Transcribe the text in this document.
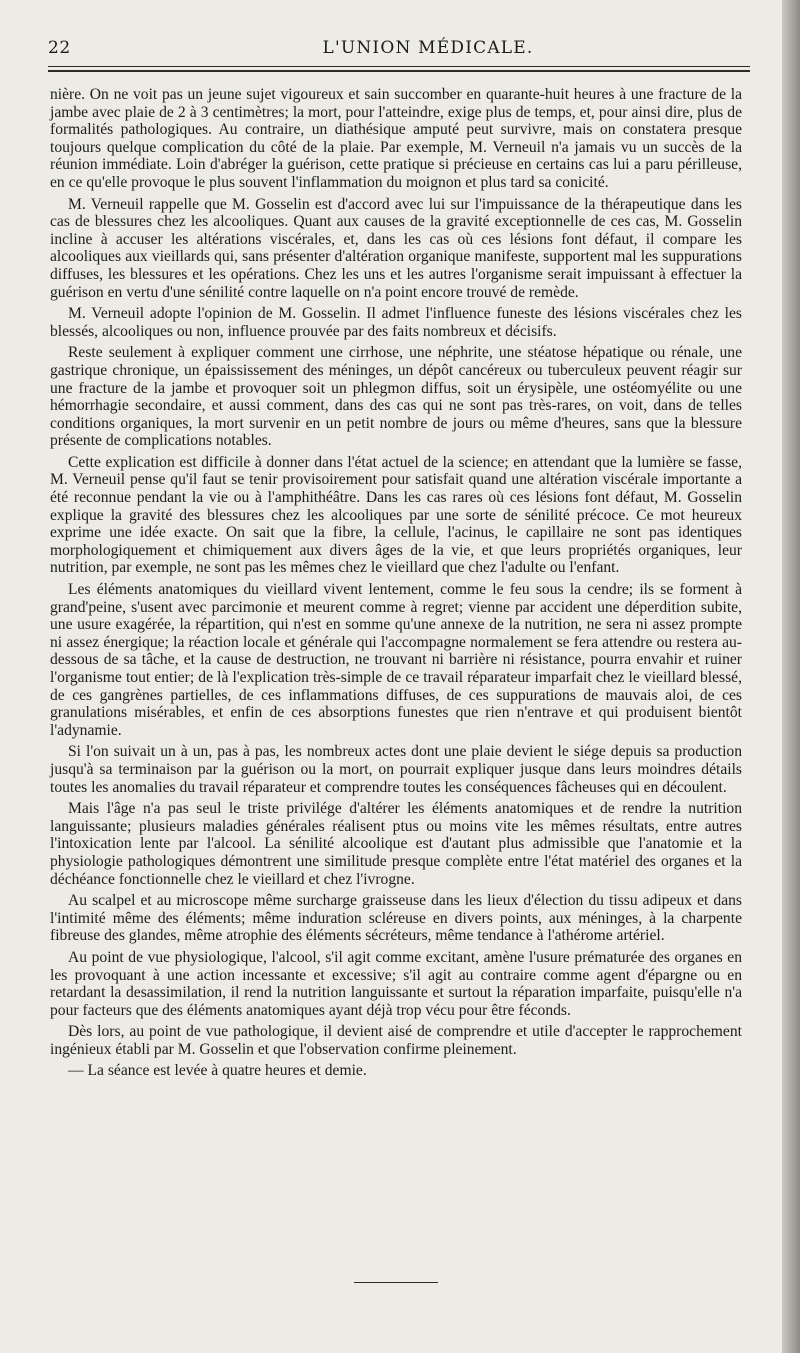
22	L'UNION MÉDICALE.

nière. On ne voit pas un jeune sujet vigoureux et sain succomber en quarante-huit heures à une fracture de la jambe avec plaie de 2 à 3 centimètres; la mort, pour l'atteindre, exige plus de temps, et, pour ainsi dire, plus de formalités pathologiques. Au contraire, un diathésique amputé peut survivre, mais on constatera presque toujours quelque complication du côté de la plaie. Par exemple, M. Verneuil n'a jamais vu un succès de la réunion immédiate. Loin d'abréger la guérison, cette pratique si précieuse en certains cas lui a paru périlleuse, en ce qu'elle provoque le plus souvent l'inflammation du moignon et plus tard sa conicité.

M. Verneuil rappelle que M. Gosselin est d'accord avec lui sur l'impuissance de la thérapeutique dans les cas de blessures chez les alcooliques. Quant aux causes de la gravité exceptionnelle de ces cas, M. Gosselin incline à accuser les altérations viscérales, et, dans les cas où ces lésions font défaut, il compare les alcooliques aux vieillards qui, sans présenter d'altération organique manifeste, supportent mal les suppurations diffuses, les blessures et les opérations. Chez les uns et les autres l'organisme serait impuissant à effectuer la guérison en vertu d'une sénilité contre laquelle on n'a point encore trouvé de remède.

M. Verneuil adopte l'opinion de M. Gosselin. Il admet l'influence funeste des lésions viscérales chez les blessés, alcooliques ou non, influence prouvée par des faits nombreux et décisifs.

Reste seulement à expliquer comment une cirrhose, une néphrite, une stéatose hépatique ou rénale, une gastrique chronique, un épaississement des méninges, un dépôt cancéreux ou tuberculeux peuvent réagir sur une fracture de la jambe et provoquer soit un phlegmon diffus, soit un érysipèle, une ostéomyélite ou une hémorrhagie secondaire, et aussi comment, dans des cas qui ne sont pas très-rares, on voit, dans de telles conditions organiques, la mort survenir en un petit nombre de jours ou même d'heures, sans que la blessure présente de complications notables.

Cette explication est difficile à donner dans l'état actuel de la science; en attendant que la lumière se fasse, M. Verneuil pense qu'il faut se tenir provisoirement pour satisfait quand une altération viscérale importante a été reconnue pendant la vie ou à l'amphithéâtre. Dans les cas rares où ces lésions font défaut, M. Gosselin explique la gravité des blessures chez les alcooliques par une sorte de sénilité précoce. Ce mot heureux exprime une idée exacte. On sait que la fibre, la cellule, l'acinus, le capillaire ne sont pas identiques morphologiquement et chimiquement aux divers âges de la vie, et que leurs propriétés organiques, leur nutrition, par exemple, ne sont pas les mêmes chez le vieillard que chez l'adulte ou l'enfant.

Les éléments anatomiques du vieillard vivent lentement, comme le feu sous la cendre; ils se forment à grand'peine, s'usent avec parcimonie et meurent comme à regret; vienne par accident une déperdition subite, une usure exagérée, la répartition, qui n'est en somme qu'une annexe de la nutrition, ne sera ni assez prompte ni assez énergique; la réaction locale et générale qui l'accompagne normalement se fera attendre ou restera au-dessous de sa tâche, et la cause de destruction, ne trouvant ni barrière ni résistance, pourra envahir et ruiner l'organisme tout entier; de là l'explication très-simple de ce travail réparateur imparfait chez le vieillard blessé, de ces gangrènes partielles, de ces inflammations diffuses, de ces suppurations de mauvais aloi, de ces granulations misérables, et enfin de ces absorptions funestes que rien n'entrave et qui produisent bientôt l'adynamie.

Si l'on suivait un à un, pas à pas, les nombreux actes dont une plaie devient le siége depuis sa production jusqu'à sa terminaison par la guérison ou la mort, on pourrait expliquer jusque dans leurs moindres détails toutes les anomalies du travail réparateur et comprendre toutes les conséquences fâcheuses qui en découlent.

Mais l'âge n'a pas seul le triste privilége d'altérer les éléments anatomiques et de rendre la nutrition languissante; plusieurs maladies générales réalisent ptus ou moins vite les mêmes résultats, entre autres l'intoxication lente par l'alcool. La sénilité alcoolique est d'autant plus admissible que l'anatomie et la physiologie pathologiques démontrent une similitude presque complète entre l'état matériel des organes et la déchéance fonctionnelle chez le vieillard et chez l'ivrogne.

Au scalpel et au microscope même surcharge graisseuse dans les lieux d'élection du tissu adipeux et dans l'intimité même des éléments; même induration scléreuse en divers points, aux méninges, à la charpente fibreuse des glandes, même atrophie des éléments sécréteurs, même tendance à l'athérome artériel.

Au point de vue physiologique, l'alcool, s'il agit comme excitant, amène l'usure prématurée des organes en les provoquant à une action incessante et excessive; s'il agit au contraire comme agent d'épargne ou en retardant la desassimilation, il rend la nutrition languissante et surtout la réparation imparfaite, puisqu'elle n'a pour facteurs que des éléments anatomiques ayant déjà trop vécu pour être féconds.

Dès lors, au point de vue pathologique, il devient aisé de comprendre et utile d'accepter le rapprochement ingénieux établi par M. Gosselin et que l'observation confirme pleinement.

— La séance est levée à quatre heures et demie.
